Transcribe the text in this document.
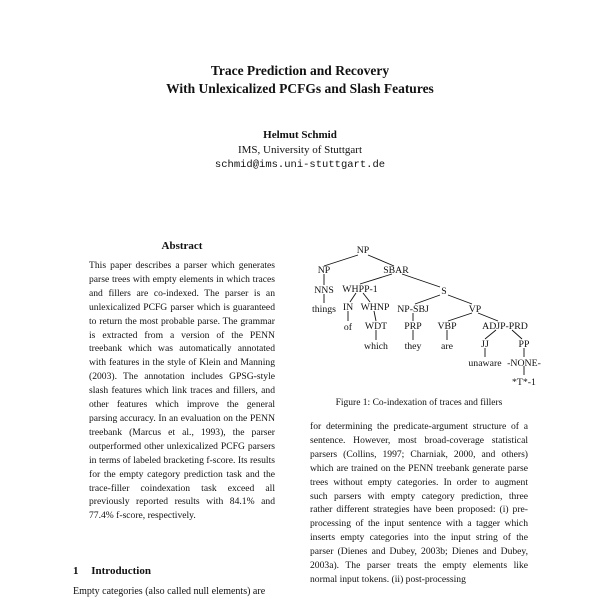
Trace Prediction and Recovery
With Unlexicalized PCFGs and Slash Features
Helmut Schmid
IMS, University of Stuttgart
schmid@ims.uni-stuttgart.de
Abstract
This paper describes a parser which generates parse trees with empty elements in which traces and fillers are co-indexed. The parser is an unlexicalized PCFG parser which is guaranteed to return the most probable parse. The grammar is extracted from a version of the PENN treebank which was automatically annotated with features in the style of Klein and Manning (2003). The annotation includes GPSG-style slash features which link traces and fillers, and other features which improve the general parsing accuracy. In an evaluation on the PENN treebank (Marcus et al., 1993), the parser outperformed other unlexicalized PCFG parsers in terms of labeled bracketing f-score. Its results for the empty category prediction task and the trace-filler coindexation task exceed all previously reported results with 84.1% and 77.4% f-score, respectively.
1 Introduction
Empty categories (also called null elements) are
NP
NP	SBAR
NNS WHPP-1	S
things IN WHNP NP-SBJ	VP
of WDT PRP VBP	ADJP-PRD
which they are	JJ	PP
unaware -NONE-
*T*-1
Figure 1: Co-indexation of traces and fillers
for determining the predicate-argument structure of a sentence. However, most broad-coverage statistical parsers (Collins, 1997; Charniak, 2000, and others) which are trained on the PENN treebank generate parse trees without empty categories. In order to augment such parsers with empty category prediction, three rather different strategies have been proposed: (i) pre-processing of the input sentence with a tagger which inserts empty categories into the input string of the parser (Dienes and Dubey, 2003b; Dienes and Dubey, 2003a). The parser treats the empty elements like normal input tokens. (ii) post-processing
